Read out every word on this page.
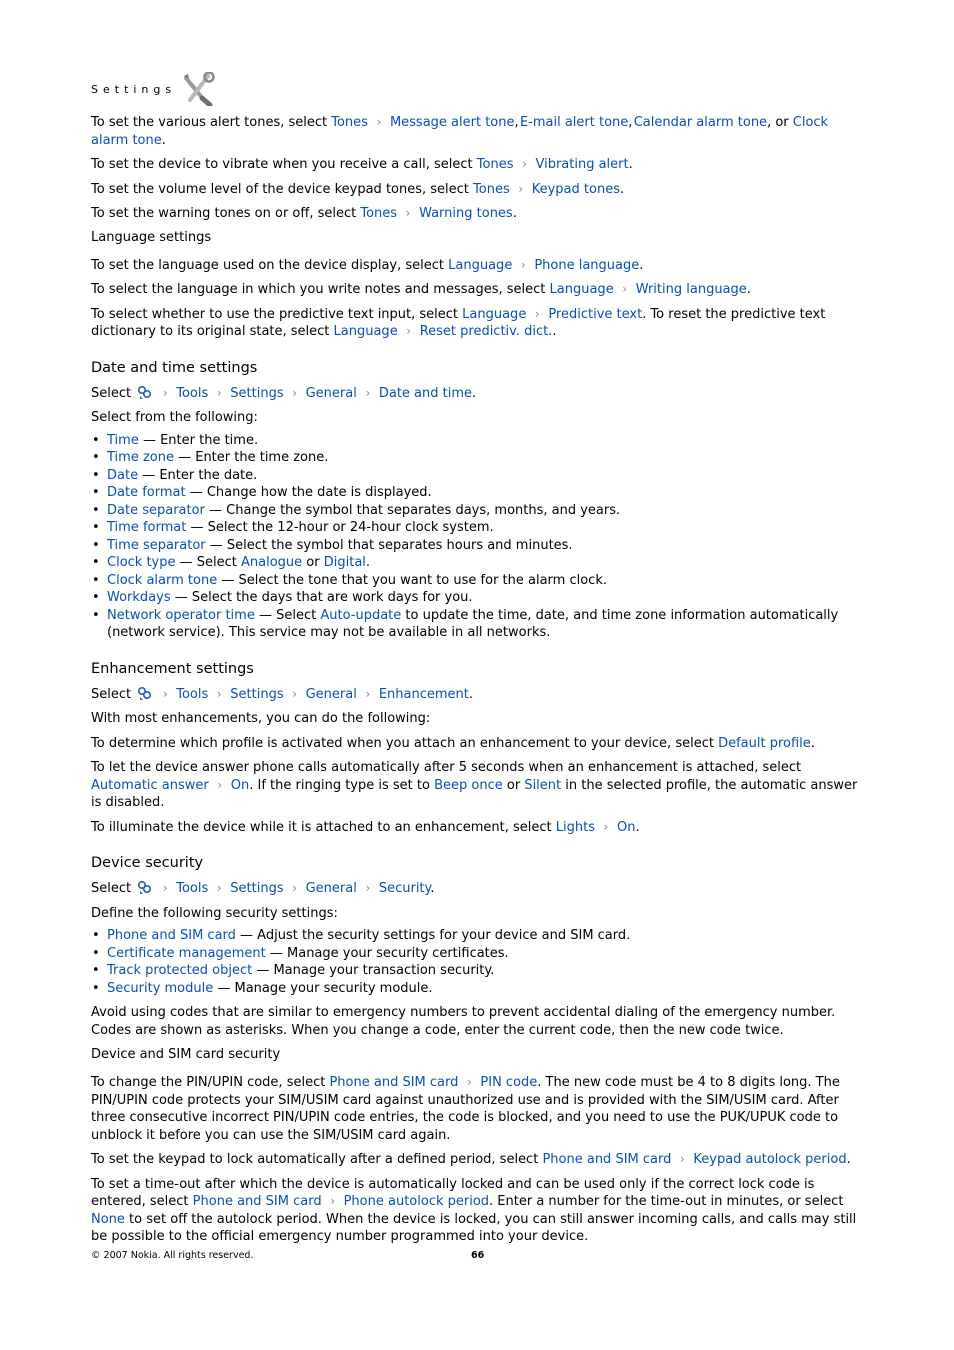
Settings

To set the various alert tones, select Tones › Message alert tone, E-mail alert tone, Calendar alarm tone, or Clock alarm tone.

To set the device to vibrate when you receive a call, select Tones › Vibrating alert.

To set the volume level of the device keypad tones, select Tones › Keypad tones.

To set the warning tones on or off, select Tones › Warning tones.

Language settings

To set the language used on the device display, select Language › Phone language.

To select the language in which you write notes and messages, select Language › Writing language.

To select whether to use the predictive text input, select Language › Predictive text. To reset the predictive text dictionary to its original state, select Language › Reset predictiv. dict..

Date and time settings

Select › Tools › Settings › General › Date and time.

Select from the following:

• Time — Enter the time.
• Time zone — Enter the time zone.
• Date — Enter the date.
• Date format — Change how the date is displayed.
• Date separator — Change the symbol that separates days, months, and years.
• Time format — Select the 12-hour or 24-hour clock system.
• Time separator — Select the symbol that separates hours and minutes.
• Clock type — Select Analogue or Digital.
• Clock alarm tone — Select the tone that you want to use for the alarm clock.
• Workdays — Select the days that are work days for you.
• Network operator time — Select Auto-update to update the time, date, and time zone information automatically (network service). This service may not be available in all networks.
Enhancement settings

Select › Tools › Settings › General › Enhancement.

With most enhancements, you can do the following:

To determine which profile is activated when you attach an enhancement to your device, select Default profile.

To let the device answer phone calls automatically after 5 seconds when an enhancement is attached, select Automatic answer › On. If the ringing type is set to Beep once or Silent in the selected profile, the automatic answer is disabled.

To illuminate the device while it is attached to an enhancement, select Lights › On.

Device security

Select › Tools › Settings › General › Security.

Define the following security settings:

• Phone and SIM card — Adjust the security settings for your device and SIM card.
• Certificate management — Manage your security certificates.
• Track protected object — Manage your transaction security.
• Security module — Manage your security module.

Avoid using codes that are similar to emergency numbers to prevent accidental dialing of the emergency number. Codes are shown as asterisks. When you change a code, enter the current code, then the new code twice.

Device and SIM card security

To change the PIN/UPIN code, select Phone and SIM card › PIN code. The new code must be 4 to 8 digits long. The PIN/UPIN code protects your SIM/USIM card against unauthorized use and is provided with the SIM/USIM card. After three consecutive incorrect PIN/UPIN code entries, the code is blocked, and you need to use the PUK/UPUK code to unblock it before you can use the SIM/USIM card again.

To set the keypad to lock automatically after a defined period, select Phone and SIM card › Keypad autolock period.

To set a time-out after which the device is automatically locked and can be used only if the correct lock code is entered, select Phone and SIM card › Phone autolock period. Enter a number for the time-out in minutes, or select None to set off the autolock period. When the device is locked, you can still answer incoming calls, and calls may still be possible to the official emergency number programmed into your device.

© 2007 Nokia. All rights reserved.	66
